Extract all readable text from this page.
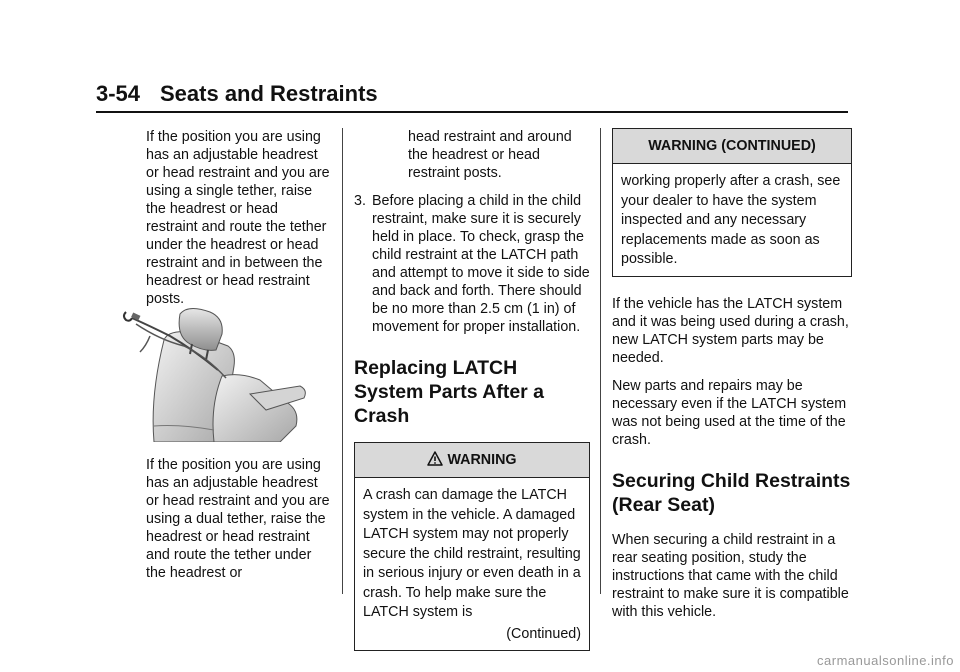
3-54 Seats and Restraints

If the position you are using has an adjustable headrest or head restraint and you are using a single tether, raise the headrest or head restraint and route the tether under the headrest or head restraint and in between the headrest or head restraint posts.

If the position you are using has an adjustable headrest or head restraint and you are using a dual tether, raise the headrest or head restraint and route the tether under the headrest or

head restraint and around the headrest or head restraint posts.

3. Before placing a child in the child restraint, make sure it is securely held in place. To check, grasp the child restraint at the LATCH path and attempt to move it side to side and back and forth. There should be no more than 2.5 cm (1 in) of movement for proper installation.

Replacing LATCH System Parts After a Crash
WARNING

A crash can damage the LATCH system in the vehicle. A damaged LATCH system may not properly secure the child restraint, resulting in serious injury or even death in a crash. To help make sure the LATCH system is

(Continued)

WARNING (CONTINUED)

working properly after a crash, see your dealer to have the system inspected and any necessary replacements made as soon as possible.

If the vehicle has the LATCH system and it was being used during a crash, new LATCH system parts may be needed.

New parts and repairs may be necessary even if the LATCH system was not being used at the time of the crash.

Securing Child Restraints (Rear Seat)

When securing a child restraint in a rear seating position, study the instructions that came with the child restraint to make sure it is compatible with this vehicle.

carmanualsonline.info
